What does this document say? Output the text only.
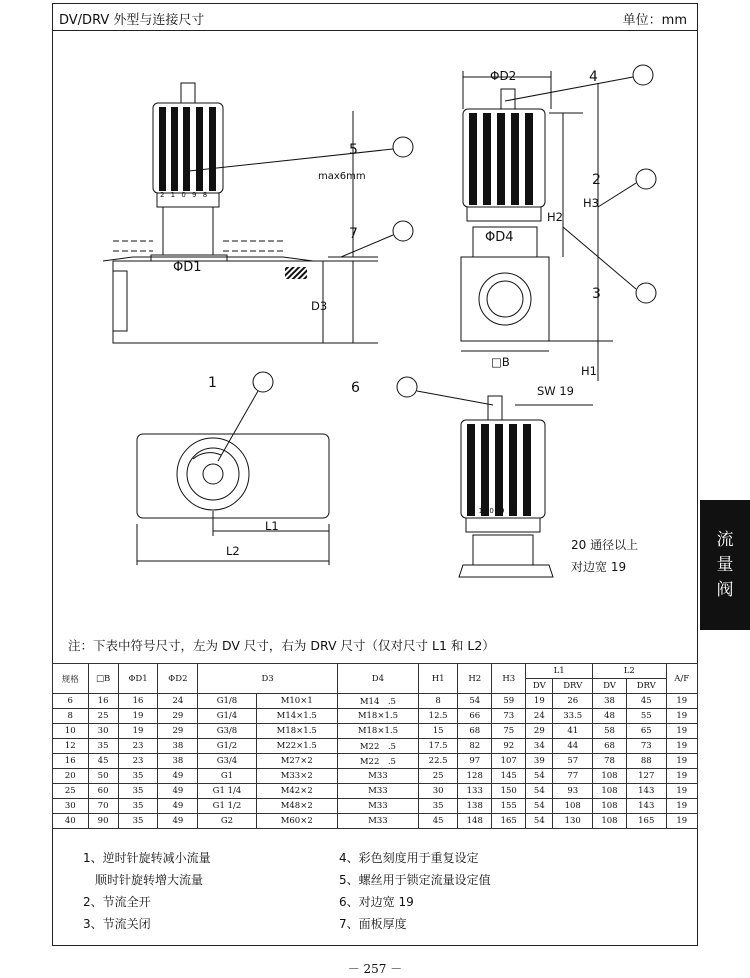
DV/DRV 外型与连接尺寸	单位：mm
5
7
4
2
3
1	6
ΦD1
ΦD2
ΦD4
D3
H2
H3
H1
□B
SW 19
max6mm
L1
L2
2 1 0 9 8
2 1 0 9 8
20 通径以上
对边宽 19
注：下表中符号尺寸，左为 DV 尺寸，右为 DRV 尺寸（仅对尺寸 L1 和 L2）
规格	□B	ΦD1	ΦD2	D3		D4	H1	H2	H3	L1		L2		A/F
										DV	DRV	DV	DRV	
6	16	16	24	G1/8	M10×1	M14　.5	8	54	59	19	26	38	45	19
8	25	19	29	G1/4	M14×1.5	M18×1.5	12.5	66	73	24	33.5	48	55	19
10	30	19	29	G3/8	M18×1.5	M18×1.5	15	68	75	29	41	58	65	19
12	35	23	38	G1/2	M22×1.5	M22　.5	17.5	82	92	34	44	68	73	19
16	45	23	38	G3/4	M27×2	M22　.5	22.5	97	107	39	57	78	88	19
20	50	35	49	G1	M33×2	M33	25	128	145	54	77	108	127	19
25	60	35	49	G1 1/4	M42×2	M33	30	133	150	54	93	108	143	19
30	70	35	49	G1 1/2	M48×2	M33	35	138	155	54	108	108	143	19
40	90	35	49	G2	M60×2	M33	45	148	165	54	130	108	165	19
1、逆时针旋转减小流量
顺时针旋转增大流量
2、节流全开
3、节流关闭
4、彩色刻度用于重复设定
5、螺丝用于锁定流量设定值
6、对边宽 19
7、面板厚度
流
量
阀
－ 257 －
